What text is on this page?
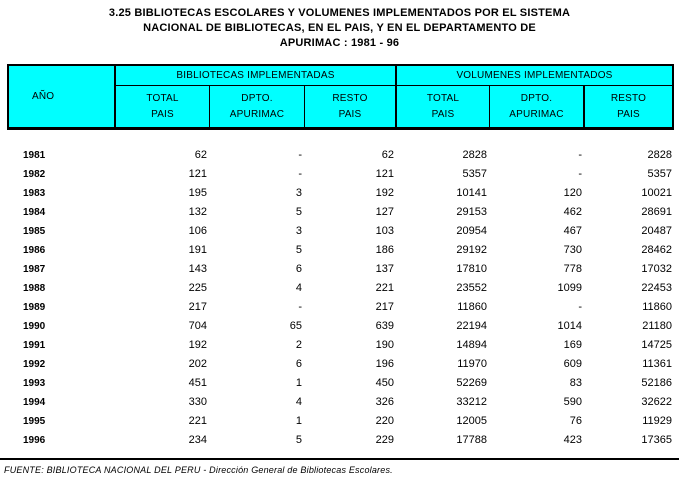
3.25 BIBLIOTECAS ESCOLARES Y VOLUMENES IMPLEMENTADOS POR EL SISTEMA
NACIONAL DE BIBLIOTECAS, EN EL PAIS, Y EN EL DEPARTAMENTO DE
APURIMAC : 1981 - 96
AÑO
BIBLIOTECAS IMPLEMENTADAS	VOLUMENES IMPLEMENTADOS
TOTAL
PAIS
DPTO.
APURIMAC
RESTO
PAIS
TOTAL
PAIS
DPTO.
APURIMAC
RESTO
PAIS
1981	62	-	62	2828	-	2828
1982	121	-	121	5357	-	5357
1983	195	3	192	10141	120	10021
1984	132	5	127	29153	462	28691
1985	106	3	103	20954	467	20487
1986	191	5	186	29192	730	28462
1987	143	6	137	17810	778	17032
1988	225	4	221	23552	1099	22453
1989	217	-	217	11860	-	11860
1990	704	65	639	22194	1014	21180
1991	192	2	190	14894	169	14725
1992	202	6	196	11970	609	11361
1993	451	1	450	52269	83	52186
1994	330	4	326	33212	590	32622
1995	221	1	220	12005	76	11929
1996	234	5	229	17788	423	17365
FUENTE: BIBLIOTECA NACIONAL DEL PERU - Dirección General de Bibliotecas Escolares.
